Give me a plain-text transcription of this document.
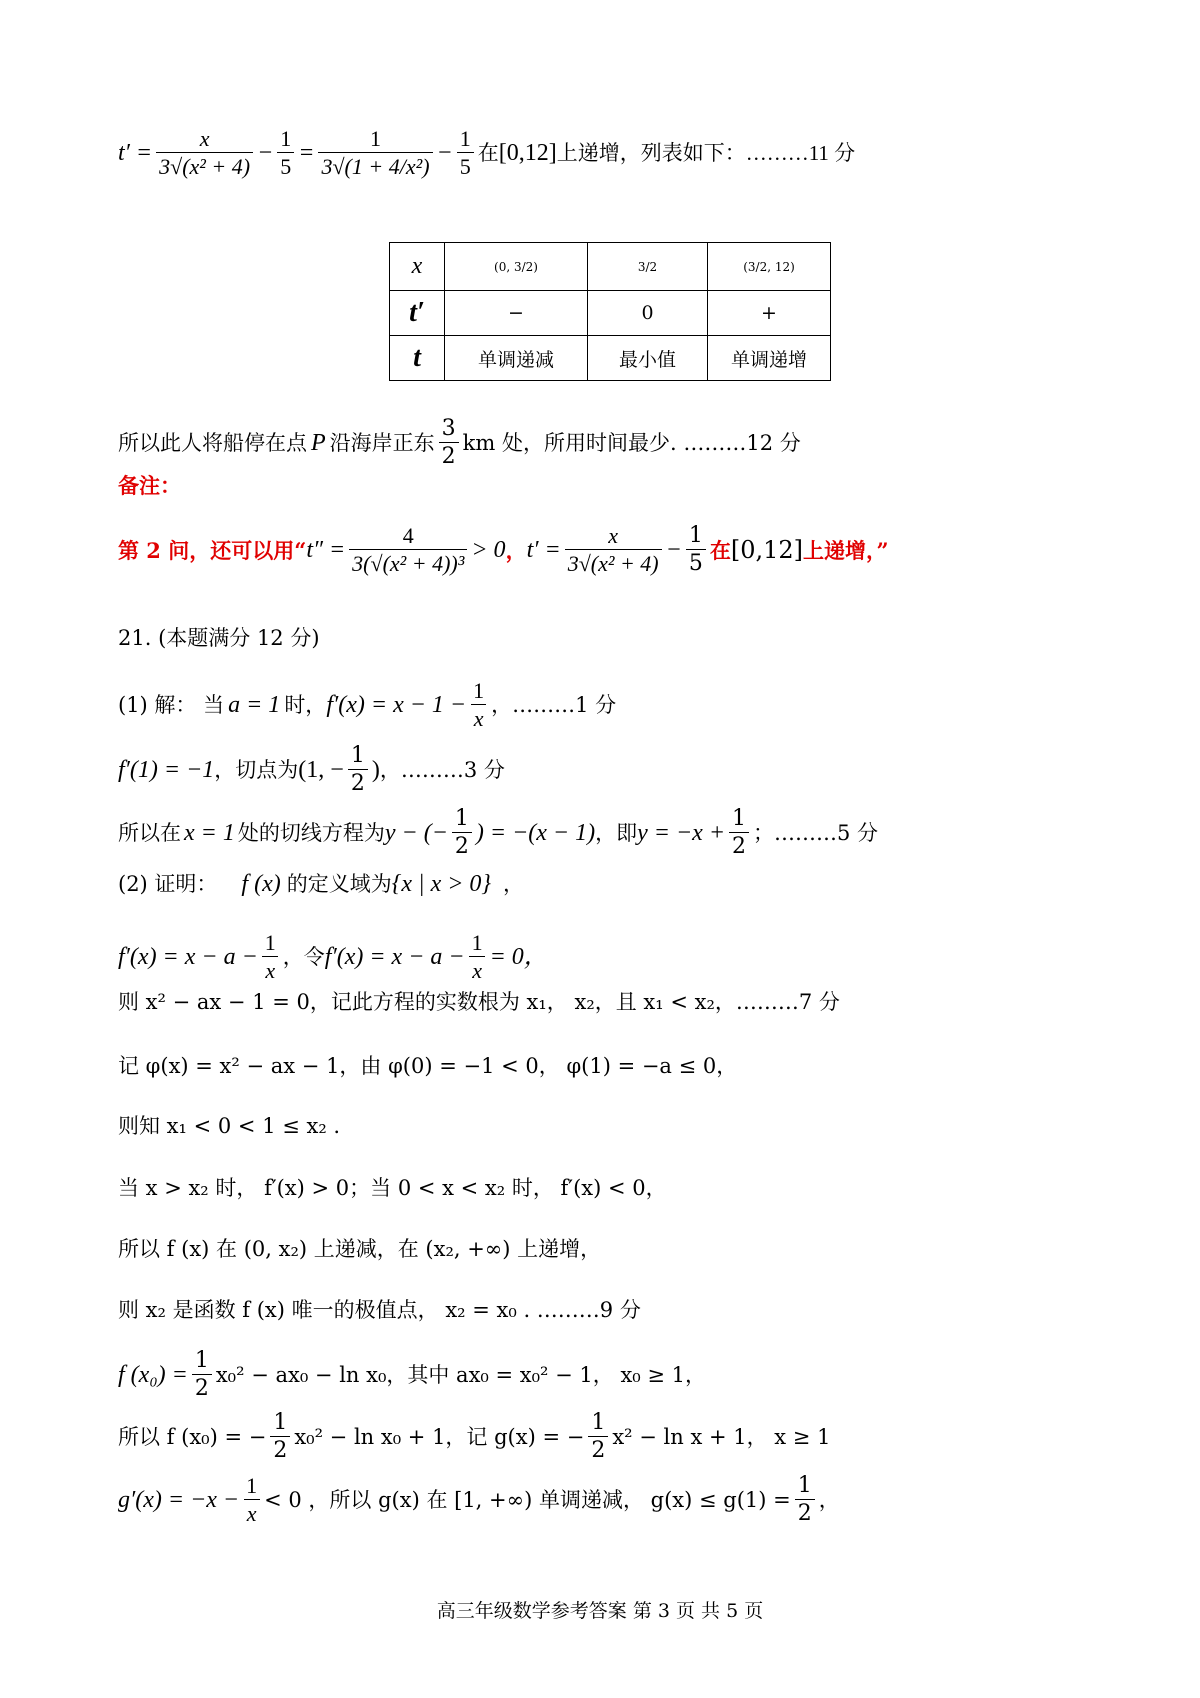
$t' = \frac{x}{\text{3√(x² + 4)}} - \frac{1}{5} = \frac{1}{\text{3√(1 + 4/x²)}} - \frac{1}{5}$ 在 [0,12] 上递增，列表如下：………11 分
x	(0, 3/2)	3/2	(3/2, 12)
t′	−	0	+
t	单调递减	最小值	单调递增
所以此人将船停在点 P 沿海岸正东 $\frac{3}{2}$ km 处，所用时间最少. ………12 分
备注：
第 2 问，还可以用“ $t'' = \frac{4}{\text{3(√(x² + 4))³}} > 0$ ， $t' = \frac{x}{\text{3√(x² + 4)}} - \frac{1}{5}$ 在 [0,12] 上递增，”
21. (本题满分 12 分)
(1) 解： 当 a = 1 时， $f'(x) = x - 1 - \frac{1}{x}$ ，………1 分
f′(1) = −1 ，切点为 (1, − $\frac{1}{2}$ ) ，………3 分
所以在 x = 1 处的切线方程为 y − (− $\frac{1}{2}$ ) = −(x − 1) ，即 $y = -x + \frac{1}{2}$ ；………5 分
(2) 证明： f (x) 的定义域为 {x | x > 0} ，
$f'(x) = x - a - \frac{1}{x}$ ，令 $f'(x) = x - a - \frac{1}{x} = 0$，
则 x² − ax − 1 = 0，记此方程的实数根为 x₁， x₂，且 x₁ < x₂，………7 分
记 φ(x) = x² − ax − 1，由 φ(0) = −1 < 0， φ(1) = −a ≤ 0，
则知 x₁ < 0 < 1 ≤ x₂ .
当 x > x₂ 时， f′(x) > 0；当 0 < x < x₂ 时， f′(x) < 0，
所以 f (x) 在 (0, x₂) 上递减，在 (x₂, +∞) 上递增，
则 x₂ 是函数 f (x) 唯一的极值点， x₂ = x₀ . ………9 分
f $(x_0) = \frac{1}{2} x_0^2 - ax_0 - \ln x_0$，其中 ax₀ = x₀² − 1， x₀ ≥ 1，
所以 f (x₀) = − $\frac{1}{2} x_0^2 - \ln x_0 + 1$，记 g(x) = − $\frac{1}{2} x^2 - \ln x + 1$， x ≥ 1
$g'(x) = -x - \frac{1}{x} < 0$ ，所以 g(x) 在 [1, +∞) 单调递减， $g(x) \le g(1) = \frac{1}{2}$ ，
高三年级数学参考答案 第 3 页 共 5 页
